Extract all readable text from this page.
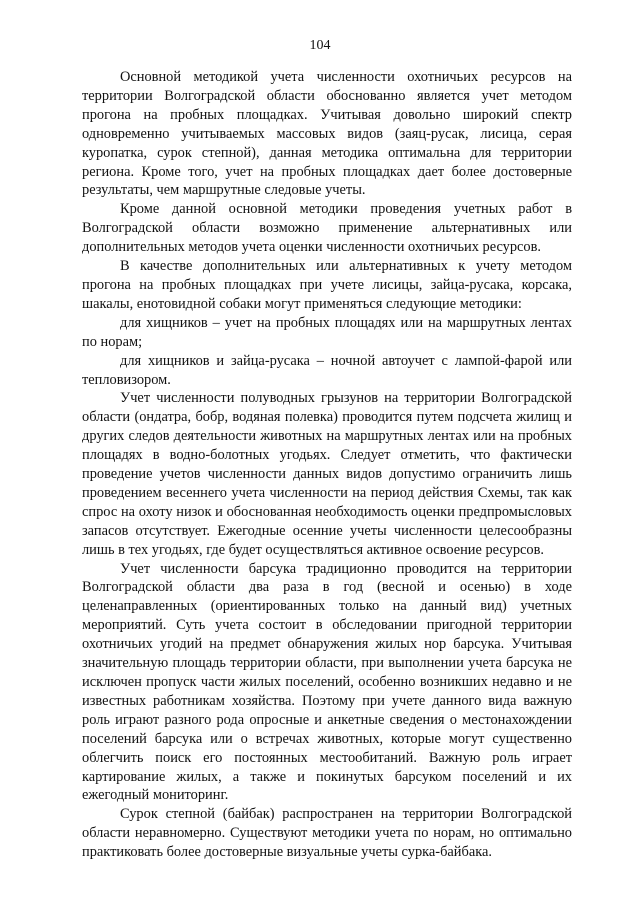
104

Основной методикой учета численности охотничьих ресурсов на территории Волгоградской области обоснованно является учет методом прогона на пробных площадках. Учитывая довольно широкий спектр одновременно учитываемых массовых видов (заяц-русак, лисица, серая куропатка, сурок степной), данная методика оптимальна для территории региона. Кроме того, учет на пробных площадках дает более достоверные результаты, чем маршрутные следовые учеты.

Кроме данной основной методики проведения учетных работ в Волгоградской области возможно применение альтернативных или дополнительных методов учета оценки численности охотничьих ресурсов.

В качестве дополнительных или альтернативных к учету методом прогона на пробных площадках при учете лисицы, зайца-русака, корсака, шакалы, енотовидной собаки могут применяться следующие методики:

для хищников – учет на пробных площадях или на маршрутных лентах по норам;

для хищников и зайца-русака – ночной автоучет с лампой-фарой или тепловизором.

Учет численности полуводных грызунов на территории Волгоградской области (ондатра, бобр, водяная полевка) проводится путем подсчета жилищ и других следов деятельности животных на маршрутных лентах или на пробных площадях в водно-болотных угодьях. Следует отметить, что фактически проведение учетов численности данных видов допустимо ограничить лишь проведением весеннего учета численности на период действия Схемы, так как спрос на охоту низок и обоснованная необходимость оценки предпромысловых запасов отсутствует. Ежегодные осенние учеты численности целесообразны лишь в тех угодьях, где будет осуществляться активное освоение ресурсов.

Учет численности барсука традиционно проводится на территории Волгоградской области два раза в год (весной и осенью) в ходе целенаправленных (ориентированных только на данный вид) учетных мероприятий. Суть учета состоит в обследовании пригодной территории охотничьих угодий на предмет обнаружения жилых нор барсука. Учитывая значительную площадь территории области, при выполнении учета барсука не исключен пропуск части жилых поселений, особенно возникших недавно и не известных работникам хозяйства. Поэтому при учете данного вида важную роль играют разного рода опросные и анкетные сведения о местонахождении поселений барсука или о встречах животных, которые могут существенно облегчить поиск его постоянных местообитаний. Важную роль играет картирование жилых, а также и покинутых барсуком поселений и их ежегодный мониторинг.

Сурок степной (байбак) распространен на территории Волгоградской области неравномерно. Существуют методики учета по норам, но оптимально практиковать более достоверные визуальные учеты сурка-байбака.
